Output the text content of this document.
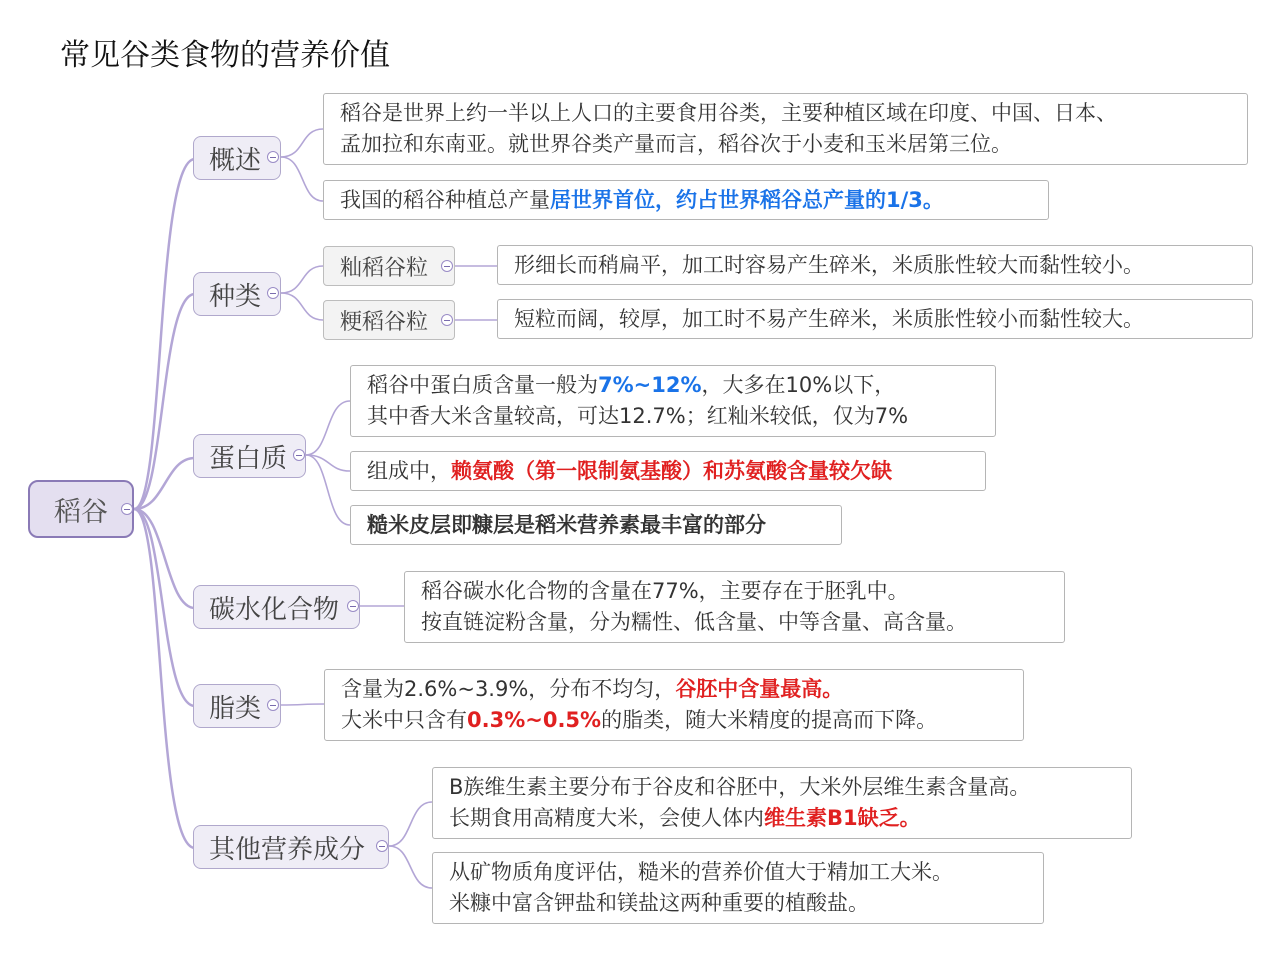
常见谷类食物的营养价值
稻谷
概述
稻谷是世界上约一半以上人口的主要食用谷类，主要种植区域在印度、中国、日本、
孟加拉和东南亚。就世界谷类产量而言，稻谷次于小麦和玉米居第三位。
我国的稻谷种植总产量 居世界首位，约占世界稻谷总产量的1/3。
种类
籼稻谷粒	形细长而稍扁平，加工时容易产生碎米，米质胀性较大而黏性较小。
粳稻谷粒	短粒而阔，较厚，加工时不易产生碎米，米质胀性较小而黏性较大。
蛋白质
稻谷中蛋白质含量一般为7%~12%，大多在10%以下，
其中香大米含量较高，可达12.7%；红籼米较低，仅为7%
组成中， 赖氨酸（第一限制氨基酸）和苏氨酸含量较欠缺
糙米皮层即糠层是稻米营养素最丰富的部分
碳水化合物
稻谷碳水化合物的含量在77%，主要存在于胚乳中。
按直链淀粉含量，分为糯性、低含量、中等含量、高含量。
脂类
含量为2.6%~3.9%，分布不均匀，谷胚中含量最高。
大米中只含有0.3%~0.5%的脂类，随大米精度的提高而下降。
其他营养成分
B族维生素主要分布于谷皮和谷胚中，大米外层维生素含量高。
长期食用高精度大米，会使人体内维生素B1缺乏。
从矿物质角度评估，糙米的营养价值大于精加工大米。
米糠中富含钾盐和镁盐这两种重要的植酸盐。
